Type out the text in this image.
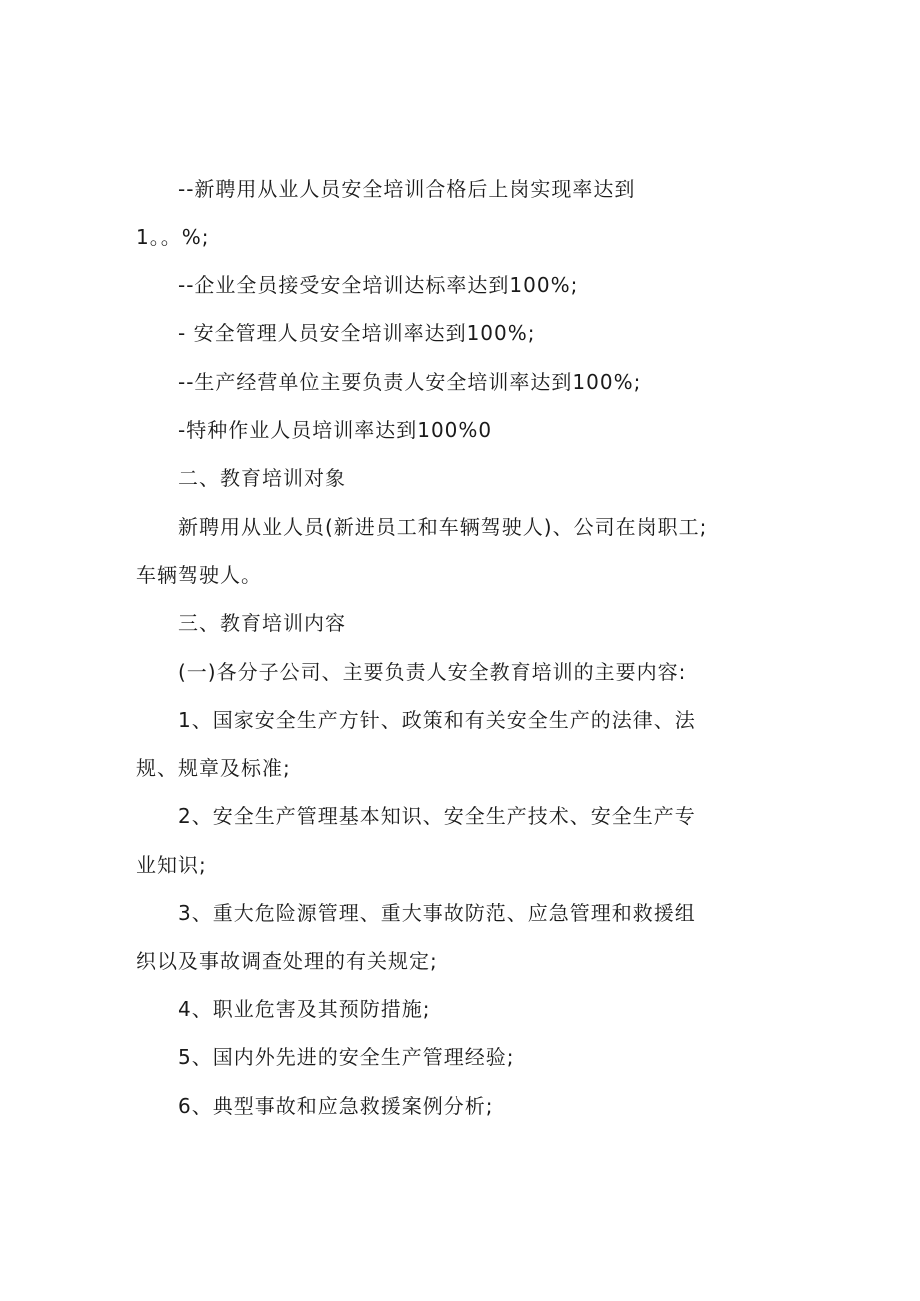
--新聘用从业人员安全培训合格后上岗实现率达到
1。。%;
--企业全员接受安全培训达标率达到100%;
- 安全管理人员安全培训率达到100%;
--生产经营单位主要负责人安全培训率达到100%;
-特种作业人员培训率达到100%0
二、教育培训对象
新聘用从业人员(新进员工和车辆驾驶人)、公司在岗职工;
车辆驾驶人。
三、教育培训内容
(一)各分子公司、主要负责人安全教育培训的主要内容:
1、国家安全生产方针、政策和有关安全生产的法律、法
规、规章及标准;
2、安全生产管理基本知识、安全生产技术、安全生产专
业知识;
3、重大危险源管理、重大事故防范、应急管理和救援组
织以及事故调查处理的有关规定;
4、职业危害及其预防措施;
5、国内外先进的安全生产管理经验;
6、典型事故和应急救援案例分析;
